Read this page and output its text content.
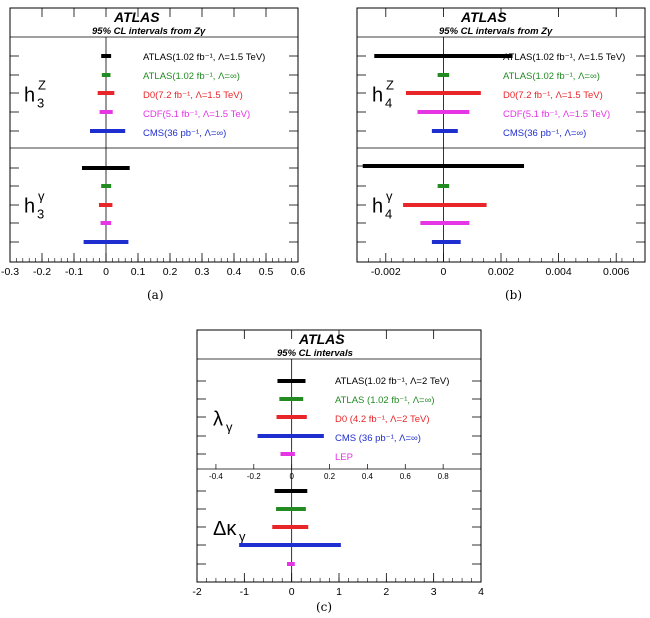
ATLAS
95% CL intervals from Zγ
-0.3 -0.2 -0.1 0 0.1 0.2 0.3 0.4 0.5 0.6
h Z
3
ATLAS(1.02 fb⁻¹, Λ=1.5 TeV)
ATLAS(1.02 fb⁻¹, Λ=∞)
D0(7.2 fb⁻¹, Λ=1.5 TeV)
CDF(5.1 fb⁻¹, Λ=1.5 TeV)
CMS(36 pb⁻¹, Λ=∞)
h γ
3
ATLAS
95% CL intervals from Zγ
-0.002	0	0.002	0.004	0.006
h Z
4
ATLAS(1.02 fb⁻¹, Λ=1.5 TeV)
ATLAS(1.02 fb⁻¹, Λ=∞)
D0(7.2 fb⁻¹, Λ=1.5 TeV)
CDF(5.1 fb⁻¹, Λ=1.5 TeV)
CMS(36 pb⁻¹, Λ=∞)
h γ
4
ATLAS
95% CL intervals
-2	-1	0	1	2	3	4
-0.4	-0.2	0	0.2	0.4	0.6	0.8
λ γ
ATLAS(1.02 fb⁻¹, Λ=2 TeV)
ATLAS (1.02 fb⁻¹, Λ=∞)
D0 (4.2 fb⁻¹, Λ=2 TeV)
CMS (36 pb⁻¹, Λ=∞)
LEP
Δκ γ
(a)	(b)
(c)
